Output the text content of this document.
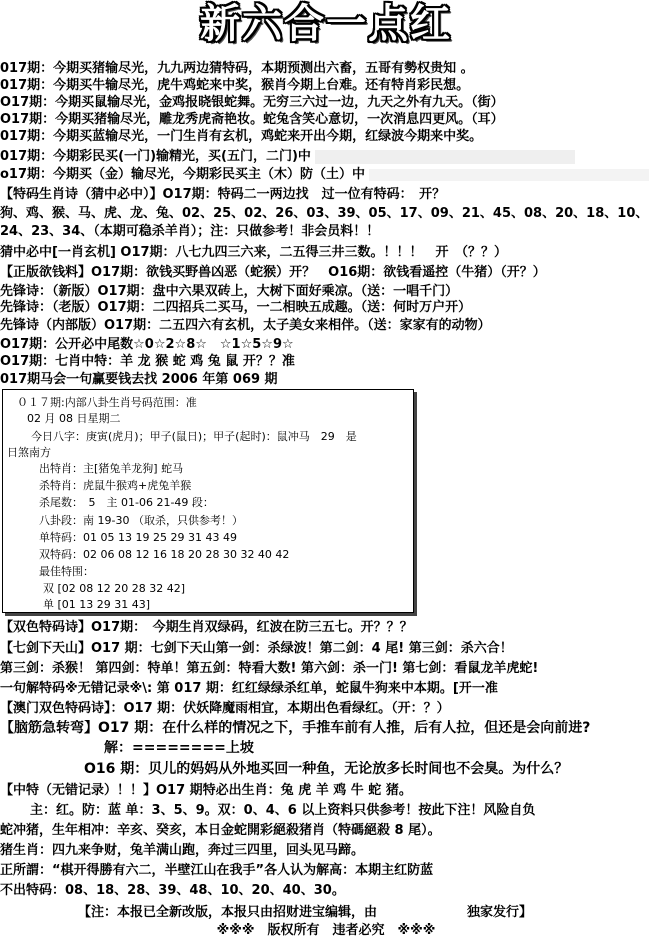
新六合一点红
017期：今期买猪输尽光，九九两边猜特码，本期预测出六畜，五哥有勢权贵知 。
017期：今期买牛输尽光，虎牛鸡蛇来中奖，猴肖今期上台难。还有特肖彩民想。
O17期：今期买鼠输尽光，金鸡报晓银蛇舞。无穷三六过一边，九天之外有九天。（街）
O17期：今期买猪输尽光，雕龙秀虎斋艳妆。蛇兔含笑心意切，一次消息四更风。（耳）
017期：今期买蓝输尽光，一门生肖有玄机，鸡蛇来开出今期，红绿波今期来中奖。
017期：今期彩民买(一门)输精光，买(五门，二门)中
o17期：今期买（金）输尽光，今期彩民买主（木）防（土）中
【特码生肖诗（猜中必中）】O17期：特码二一两边找　过一位有特码：　开？
狗、鸡、猴、马、虎、龙、兔、02、25、02、26、03、39、05、17、09、21、45、08、20、18、10、
24、23、34、（本期可稳杀羊肖）；注：只做参考！非会员料！！
猜中必中[一肖玄机] O17期：八七九四三六来，二五得三井三数。！！！　开　（？？）
【正版欲钱料】O17期：欲钱买野兽凶恶（蛇猴）开？　O16期：欲钱看遥控（牛猪）（开？）
先锋诗：（新版）O17期：盘中六果双砖上，大树下面好乘凉。（送：一唱千门）
先锋诗：（老版）O17期：二四招兵二买马，一二相映五成趣。（送：何时万户开）
先锋诗（内部版）O17期：二五四六有玄机，太子美女来相伴。（送：家家有的动物）
O17期：公开必中尾数☆0☆2☆8☆　☆1☆5☆9☆
O17期：七肖中特：羊 龙 猴 蛇 鸡 兔 鼠 开？？准
017期马会一句赢要钱去找 2006 年第 069 期
０１７期:内部八卦生肖号码范围：准
02 月 08 日星期二
今日八字：庚寅(虎月)；甲子(鼠日)；甲子(起时)：鼠冲马　29　是
日煞南方
出特肖：主[猪兔羊龙狗] 蛇马
杀特肖：虎鼠牛猴鸡+虎兔羊猴
杀尾数：　5　主 01-06 21-49 段：
八卦段：南 19-30 （取杀，只供参考！）
单特码：01 05 13 19 25 29 31 43 49
双特码：02 06 08 12 16 18 20 28 30 32 40 42
最佳特围：
双 [02 08 12 20 28 32 42]
单 [01 13 29 31 43]
【双色特码诗】O17期：　今期生肖双绿码，红波在防三五七。开？？？
【七剑下天山】O17 期：七剑下天山第一剑：杀绿波！第二剑：4 尾! 第三剑：杀六合！
第三剑：杀猴！ 第四剑：特单！第五剑：特看大数! 第六剑：杀一门! 第七剑：看鼠龙羊虎蛇!
一句解特码※无错记录※\: 第 017 期：红红绿绿杀红单，蛇鼠牛狗来中本期。[开一准
【澳门双色特码诗】：O17 期：伏妖降魔雨相宜，本期出色看绿红。（开：？）
【脑筋急转弯】O17 期：在什么样的情况之下，手推车前有人推，后有人拉，但还是会向前进?
解：========上坡
O16 期：贝儿的妈妈从外地买回一种鱼，无论放多长时间也不会臭。为什么？
【中特（无错记录）！！】O17 期特必出生肖：兔 虎 羊 鸡 牛 蛇 猪。
主：红。防：蓝 单：3、5、9。双：0、4、6 以上资料只供参考！按此下注！风险自负
蛇冲猪，生年相冲：辛亥、癸亥，本日金蛇開彩絕殺猪肖（特碼絕殺 8 尾）。
猪生肖：四九来争财，兔羊满山跑，奔过三四里，回头见马蹄。
正所謂：“棋开得勝有六二，半壁江山在我手”各人认为解高：本期主红防蓝
不出特码：08、18、28、39、48、10、20、40、30。
【注：本报已全新改版，本报只由招财进宝编辑，由	独家发行】
※※※　版权所有　违者必究　※※※
